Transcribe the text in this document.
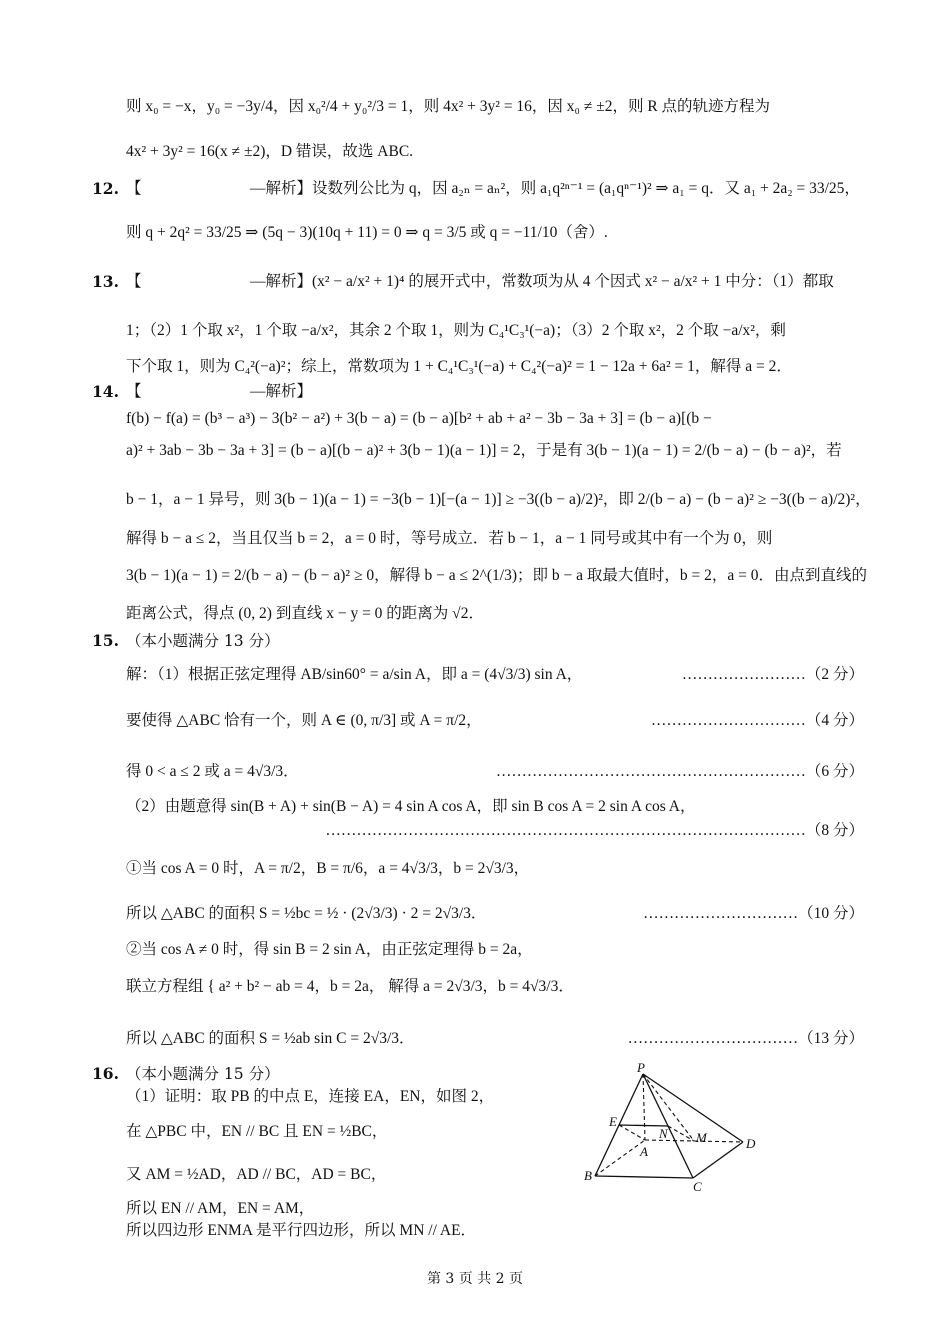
则 x₀ = −x，y₀ = −3y/4，因 x₀²/4 + y₀²/3 = 1，则 4x² + 3y² = 16，因 x₀ ≠ ±2，则 R 点的轨迹方程为
4x² + 3y² = 16(x ≠ ±2)，D 错误，故选 ABC.
12. 【　　　　　　　—解析】设数列公比为 q，因 a₂ₙ = aₙ²，则 a₁q²ⁿ⁻¹ = (a₁qⁿ⁻¹)² ⇒ a₁ = q．又 a₁ + 2a₂ = 33/25，
则 q + 2q² = 33/25 ⇒ (5q − 3)(10q + 11) = 0 ⇒ q = 3/5 或 q = −11/10（舍）.
13. 【　　　　　　　—解析】(x² − a/x² + 1)⁴ 的展开式中，常数项为从 4 个因式 x² − a/x² + 1 中分：（1）都取
1；（2）1 个取 x²，1 个取 −a/x²，其余 2 个取 1，则为 C₄¹C₃¹(−a)；（3）2 个取 x²，2 个取 −a/x²，剩
下个取 1，则为 C₄²(−a)²；综上，常数项为 1 + C₄¹C₃¹(−a) + C₄²(−a)² = 1 − 12a + 6a² = 1，解得 a = 2．
14. 【　　　　　　　—解析】
f(b) − f(a) = (b³ − a³) − 3(b² − a²) + 3(b − a) = (b − a)[b² + ab + a² − 3b − 3a + 3] = (b − a)[(b −
a)² + 3ab − 3b − 3a + 3] = (b − a)[(b − a)² + 3(b − 1)(a − 1)] = 2，于是有 3(b − 1)(a − 1) = 2/(b − a) − (b − a)²，若
b − 1，a − 1 异号，则 3(b − 1)(a − 1) = −3(b − 1)[−(a − 1)] ≥ −3((b − a)/2)²，即 2/(b − a) − (b − a)² ≥ −3((b − a)/2)²，
解得 b − a ≤ 2，当且仅当 b = 2，a = 0 时，等号成立．若 b − 1，a − 1 同号或其中有一个为 0，则
3(b − 1)(a − 1) = 2/(b − a) − (b − a)² ≥ 0，解得 b − a ≤ 2^(1/3)；即 b − a 取最大值时，b = 2，a = 0．由点到直线的
距离公式，得点 (0, 2) 到直线 x − y = 0 的距离为 √2．
15. （本小题满分 13 分）
解：（1）根据正弦定理得 AB/sin60° = a/sin A，即 a = (4√3/3) sin A，	……………………（2 分）
要使得 △ABC 恰有一个，则 A ∈ (0, π/3] 或 A = π/2，	…………………………（4 分）
得 0 < a ≤ 2 或 a = 4√3/3．	……………………………………………………（6 分）
（2）由题意得 sin(B + A) + sin(B − A) = 4 sin A cos A，即 sin B cos A = 2 sin A cos A，
…………………………………………………………………………………（8 分）
①当 cos A = 0 时，A = π/2，B = π/6，a = 4√3/3，b = 2√3/3，
所以 △ABC 的面积 S = ½bc = ½ · (2√3/3) · 2 = 2√3/3．	…………………………（10 分）
②当 cos A ≠ 0 时，得 sin B = 2 sin A，由正弦定理得 b = 2a，
联立方程组 { a² + b² − ab = 4，b = 2a， 解得 a = 2√3/3，b = 4√3/3．
所以 △ABC 的面积 S = ½ab sin C = 2√3/3．	……………………………（13 分）
16. （本小题满分 15 分）
（1）证明：取 PB 的中点 E，连接 EA，EN，如图 2，
在 △PBC 中，EN // BC 且 EN = ½BC，
又 AM = ½AD，AD // BC，AD = BC，
所以 EN // AM，EN = AM，
所以四边形 ENMA 是平行四边形，所以 MN // AE．
P
E
N M
A
B
C
D
第 3 页 共 2 页
